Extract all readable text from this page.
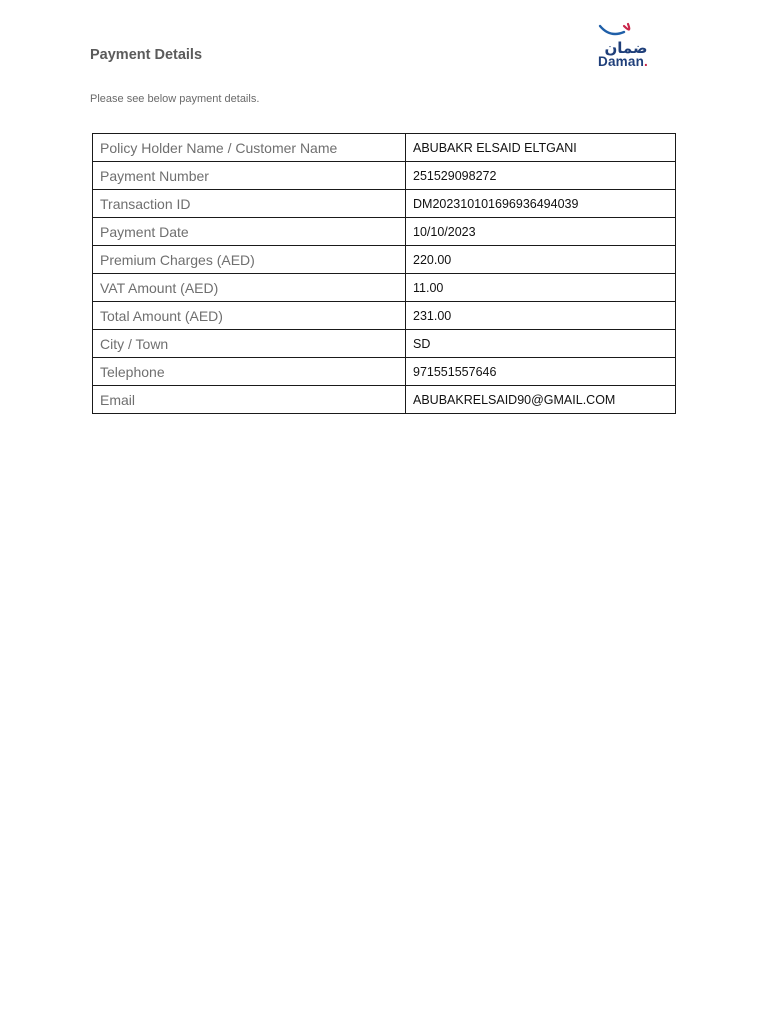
Payment Details	ضمان
Daman.
Please see below payment details.
Policy Holder Name / Customer Name	ABUBAKR ELSAID ELTGANI
Payment Number	251529098272
Transaction ID	DM202310101696936494039
Payment Date	10/10/2023
Premium Charges (AED)	220.00
VAT Amount (AED)	11.00
Total Amount (AED)	231.00
City / Town	SD
Telephone	971551557646
Email	ABUBAKRELSAID90@GMAIL.COM
